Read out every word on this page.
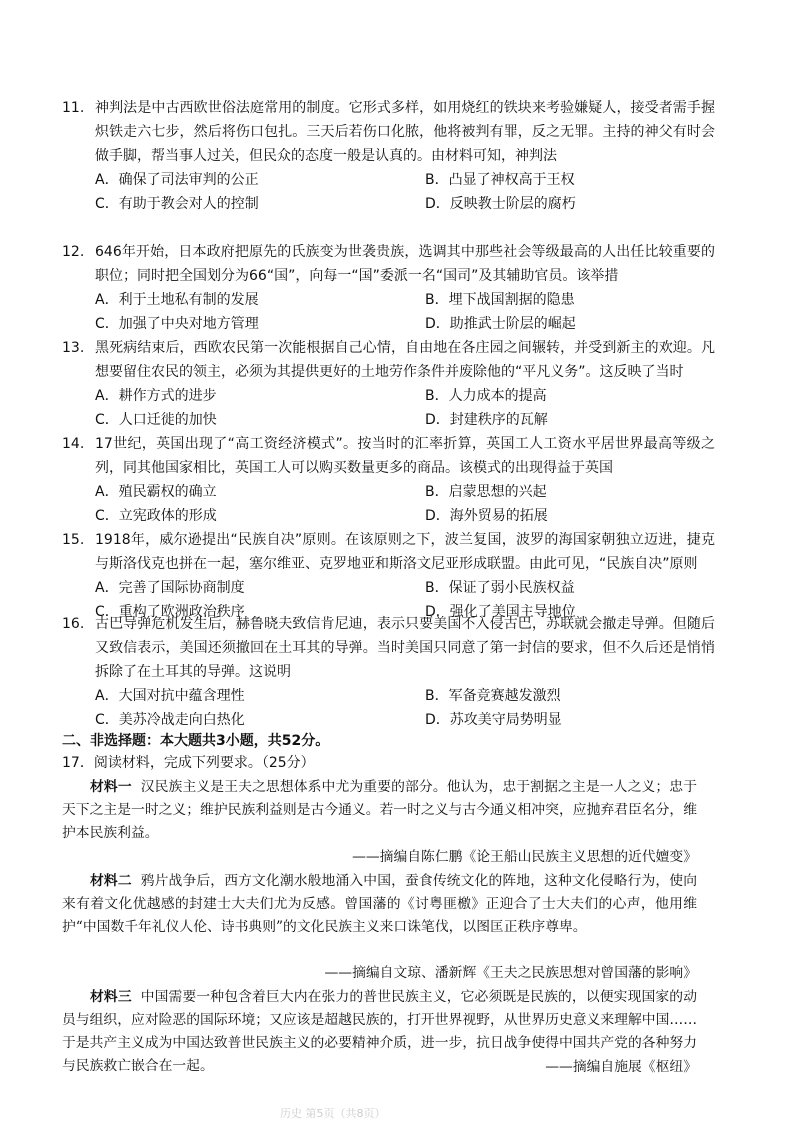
11. 神判法是中古西欧世俗法庭常用的制度。它形式多样，如用烧红的铁块来考验嫌疑人，接受者需手握炽铁走六七步，然后将伤口包扎。三天后若伤口化脓，他将被判有罪，反之无罪。主持的神父有时会做手脚，帮当事人过关，但民众的态度一般是认真的。由材料可知，神判法
A．确保了司法审判的公正	B．凸显了神权高于王权
C．有助于教会对人的控制	D．反映教士阶层的腐朽
12. 646年开始，日本政府把原先的氏族变为世袭贵族，选调其中那些社会等级最高的人出任比较重要的职位；同时把全国划分为66“国”，向每一“国”委派一名“国司”及其辅助官员。该举措
A．利于土地私有制的发展	B．埋下战国割据的隐患
C．加强了中央对地方管理	D．助推武士阶层的崛起
13. 黑死病结束后，西欧农民第一次能根据自己心情，自由地在各庄园之间辗转，并受到新主的欢迎。凡想要留住农民的领主，必须为其提供更好的土地劳作条件并废除他的“平凡义务”。这反映了当时
A．耕作方式的进步	B．人力成本的提高
C．人口迁徙的加快	D．封建秩序的瓦解
14. 17世纪，英国出现了“高工资经济模式”。按当时的汇率折算，英国工人工资水平居世界最高等级之列，同其他国家相比，英国工人可以购买数量更多的商品。该模式的出现得益于英国
A．殖民霸权的确立	B．启蒙思想的兴起
C．立宪政体的形成	D．海外贸易的拓展
15. 1918年，威尔逊提出“民族自决”原则。在该原则之下，波兰复国，波罗的海国家朝独立迈进，捷克与斯洛伐克也拼在一起，塞尔维亚、克罗地亚和斯洛文尼亚形成联盟。由此可见，“民族自决”原则
A．完善了国际协商制度	B．保证了弱小民族权益
C．重构了欧洲政治秩序	D．强化了美国主导地位
16. 古巴导弹危机发生后，赫鲁晓夫致信肯尼迪，表示只要美国不入侵古巴，苏联就会撤走导弹。但随后又致信表示，美国还须撤回在土耳其的导弹。当时美国只同意了第一封信的要求，但不久后还是悄悄拆除了在土耳其的导弹。这说明
A．大国对抗中蕴含理性	B．军备竞赛越发激烈
C．美苏冷战走向白热化	D．苏攻美守局势明显
二、非选择题：本大题共3小题，共52分。
17．阅读材料，完成下列要求。（25分）
材料一 汉民族主义是王夫之思想体系中尤为重要的部分。他认为，忠于割据之主是一人之义；忠于天下之主是一时之义；维护民族利益则是古今通义。若一时之义与古今通义相冲突，应抛弃君臣名分，维护本民族利益。
——摘编自陈仁鹏《论王船山民族主义思想的近代嬗变》
材料二 鸦片战争后，西方文化潮水般地涌入中国，蚕食传统文化的阵地，这种文化侵略行为，使向来有着文化优越感的封建士大夫们尤为反感。曾国藩的《讨粤匪檄》正迎合了士大夫们的心声，他用维护“中国数千年礼仪人伦、诗书典则”的文化民族主义来口诛笔伐，以图匡正秩序尊卑。
——摘编自文琼、潘新辉《王夫之民族思想对曾国藩的影响》
材料三 中国需要一种包含着巨大内在张力的普世民族主义，它必须既是民族的，以便实现国家的动员与组织，应对险恶的国际环境；又应该是超越民族的，打开世界视野，从世界历史意义来理解中国……于是共产主义成为中国达致普世民族主义的必要精神介质，进一步，抗日战争使得中国共产党的各种努力与民族救亡嵌合在一起。	——摘编自施展《枢纽》
历史 第5页（共8页）
